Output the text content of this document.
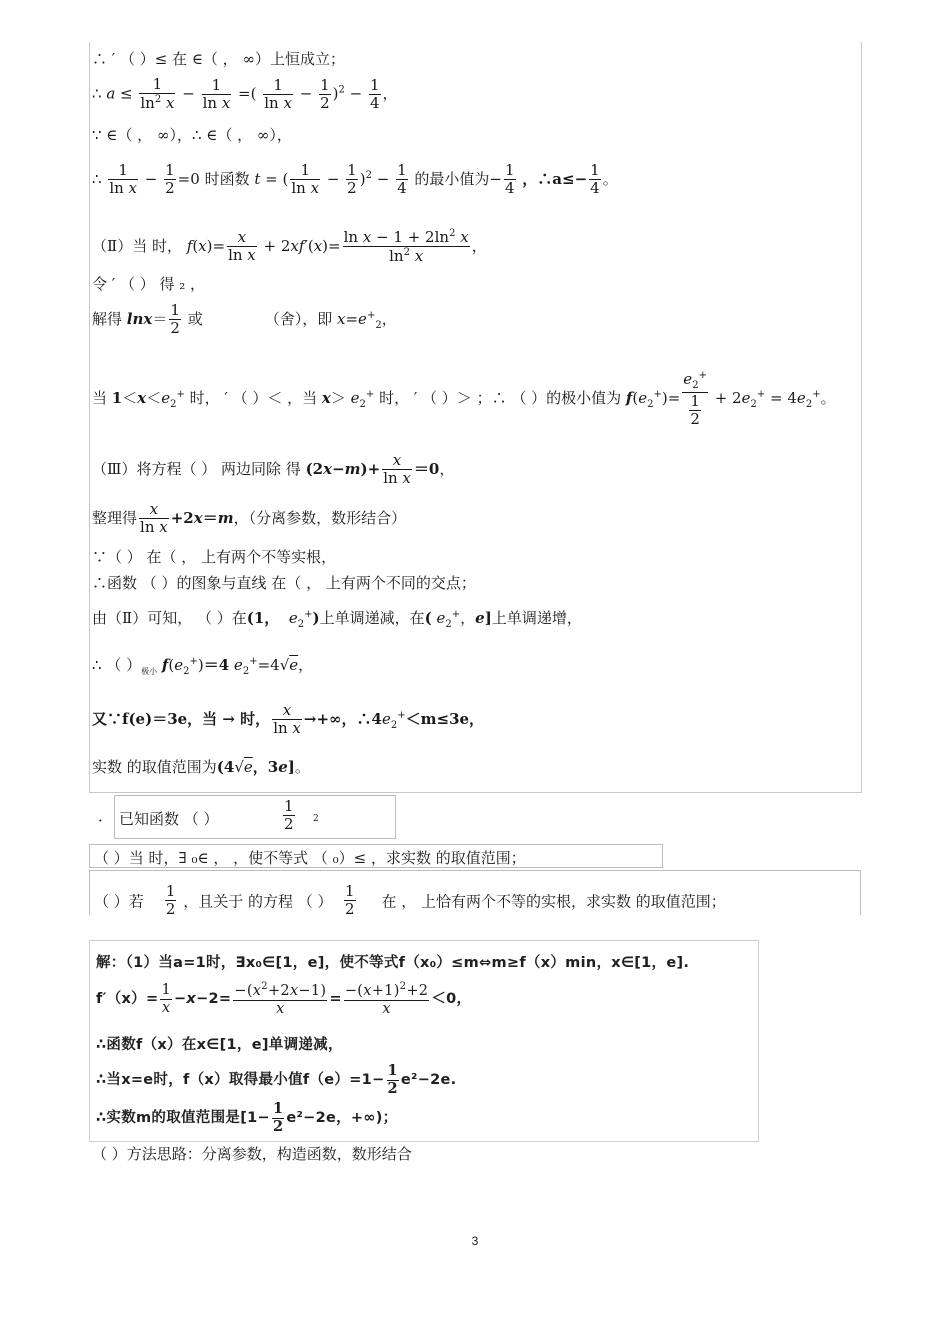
∴ ′ （ ）≤ 在 ∈（ ， ∞）上恒成立；
∴ $a \le \frac{1}{\ln^2 x} - \frac{1}{\text{ln x}}$ =( $\frac{1}{\text{ln x}} - \frac{1}{2} )^2 - \frac{1}{4}$ ，
∵ ∈（ ， ∞），∴ ∈（ ， ∞），
∴ $\frac{1}{\text{ln x}} - \frac{1}{2} =0$ 时函数 t = ( $\frac{1}{\text{ln x}} - \frac{1}{2} )^2 - \frac{1}{4}$ 的最小值为− $\frac{1}{4}$ ，∴a≤− $\frac{1}{4}$ 。
（Ⅱ）当 时， $f(x)= \frac{x}{\text{ln x}} + 2xf'(x)= \frac{\ln x - 1 + 2\ln^2 x}{\ln^2 x}$ ，
令 ′ （ ） 得 ₂ ，
解得 $\ln x= \frac{1}{2}$ 或	（舍），即 $x=e^+_2$，
当 $1<x<e_2^+$ 时， ′ （ ）＜ ，当 $x> e_2^+$ 时， ′ （ ）＞ ；∴ （ ）的极小值为 $f(e_2^+)= \frac{e_2^+}{\frac{1}{2}} + 2e_2^+ = 4e_2^+$。
（Ⅲ）将方程（ ） 两边同除 得 $(2x-m)+ \frac{x}{\text{ln x}} =0$，
整理得 $\frac{x}{\text{ln x}} +2x=m$，（分离参数，数形结合）
∵（ ） 在（ ， 上有两个不等实根，
∴函数 （ ）的图象与直线 在（ ， 上有两个不同的交点；
由（Ⅱ）可知， （ ）在(1， $e_2^+$)上单调递减，在( $e_2^+$，e]上单调递增，
∴ （ ）$_{极小}$ $f(e_2^+)=4$ $e_2^+=4√e$，
又∵f(e)＝3e，当 → 时， $\frac{x}{\text{ln x}}$ →+∞，$\therefore 4e_2^+<m\le 3e$，
实数 的取值范围为(4√e，3e]。
． 已知函数 （ ）	$\frac{1}{2} 2$
（ ）当 时，∃ ₀∈ ， ，使不等式 （ ₀）≤ ，求实数 的取值范围；
（ ）若 $\frac{1}{2}$ ，且关于 的方程 （ ） $\frac{1}{2}$ 在 ， 上恰有两个不等的实根，求实数 的取值范围；
解：（1）当a=1时，∃x₀∈[1，e]，使不等式f（x₀）≤m⇔m≥f（x）min，x∈[1，e].
$f'(x)= \frac{1}{x} -x-2= \frac{-(x^2+2x-1)}{x} = \frac{-(x+1)^2+2}{x} <0$，
∴函数f（x）在x∈[1，e]单调递减，
∴当x=e时，f（x）取得最小值$f(e)=1- \frac{1}{2} e^2-2e$.
∴实数m的取值范围是[$1- \frac{1}{2} e^2-2e$，+∞)；
（ ）方法思路：分离参数，构造函数，数形结合
3
